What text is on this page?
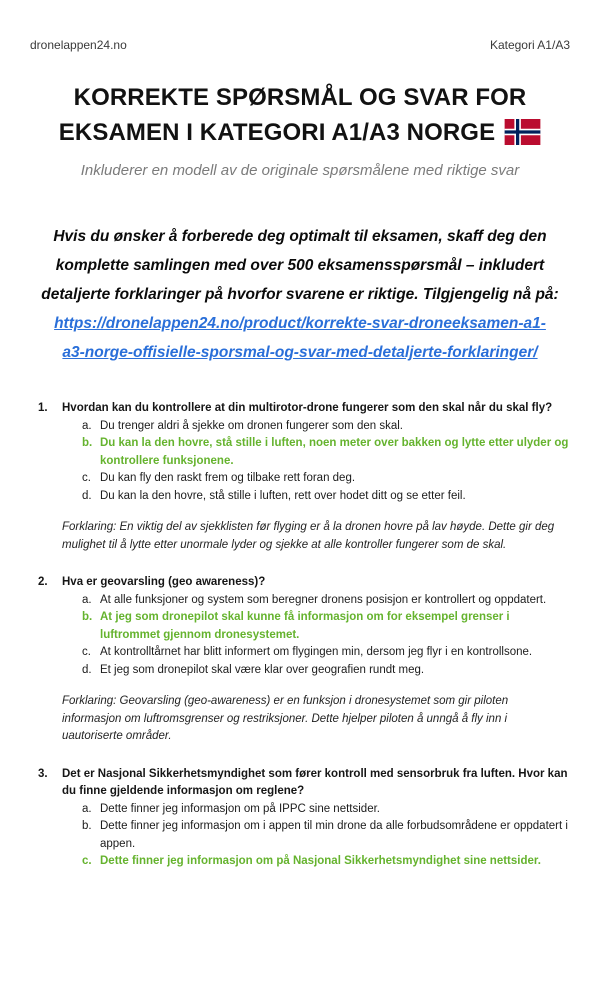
dronelappen24.no	Kategori A1/A3
KORREKTE SPØRSMÅL OG SVAR FOR
EKSAMEN I KATEGORI A1/A3 NORGE
Inkluderer en modell av de originale spørsmålene med riktige svar
Hvis du ønsker å forberede deg optimalt til eksamen, skaff deg den komplette samlingen med over 500 eksamensspørsmål – inkludert detaljerte forklaringer på hvorfor svarene er riktige. Tilgjengelig nå på:
https://dronelappen24.no/product/korrekte-svar-droneeksamen-a1-a3-norge-offisielle-sporsmal-og-svar-med-detaljerte-forklaringer/
1.	Hvordan kan du kontrollere at din multirotor-drone fungerer som den skal når du skal fly?
a. Du trenger aldri å sjekke om dronen fungerer som den skal.
b. Du kan la den hovre, stå stille i luften, noen meter over bakken og lytte etter ulyder og kontrollere funksjonene.
c. Du kan fly den raskt frem og tilbake rett foran deg.
d. Du kan la den hovre, stå stille i luften, rett over hodet ditt og se etter feil.
Forklaring: En viktig del av sjekklisten før flyging er å la dronen hovre på lav høyde. Dette gir deg mulighet til å lytte etter unormale lyder og sjekke at alle kontroller fungerer som de skal.
2.	Hva er geovarsling (geo awareness)?
a. At alle funksjoner og system som beregner dronens posisjon er kontrollert og oppdatert.
b. At jeg som dronepilot skal kunne få informasjon om for eksempel grenser i luftrommet gjennom dronesystemet.
c. At kontrolltårnet har blitt informert om flygingen min, dersom jeg flyr i en kontrollsone.
d. Et jeg som dronepilot skal være klar over geografien rundt meg.
Forklaring: Geovarsling (geo-awareness) er en funksjon i dronesystemet som gir piloten informasjon om luftromsgrenser og restriksjoner. Dette hjelper piloten å unngå å fly inn i uautoriserte områder.
3.	Det er Nasjonal Sikkerhetsmyndighet som fører kontroll med sensorbruk fra luften. Hvor kan du finne gjeldende informasjon om reglene?
a. Dette finner jeg informasjon om på IPPC sine nettsider.
b. Dette finner jeg informasjon om i appen til min drone da alle forbudsområdene er oppdatert i appen.
c. Dette finner jeg informasjon om på Nasjonal Sikkerhetsmyndighet sine nettsider.
